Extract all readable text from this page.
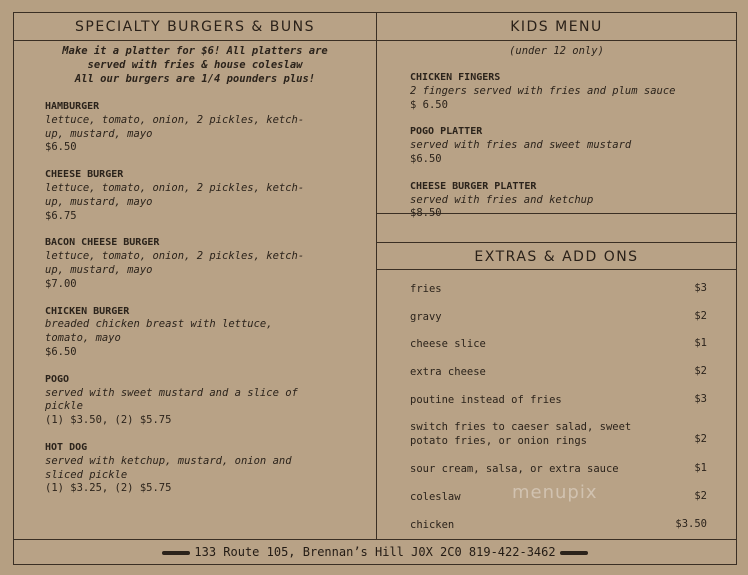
SPECIALTY BURGERS & BUNS
Make it a platter for $6! All platters are
served with fries & house coleslaw
All our burgers are 1/4 pounders plus!
HAMBURGER
lettuce, tomato, onion, 2 pickles, ketch-
up, mustard, mayo
$6.50
CHEESE BURGER
lettuce, tomato, onion, 2 pickles, ketch-
up, mustard, mayo
$6.75
BACON CHEESE BURGER
lettuce, tomato, onion, 2 pickles, ketch-
up, mustard, mayo
$7.00
CHICKEN BURGER
breaded chicken breast with lettuce,
tomato, mayo
$6.50
POGO
served with sweet mustard and a slice of
pickle
(1) $3.50, (2) $5.75
HOT DOG
served with ketchup, mustard, onion and
sliced pickle
(1) $3.25, (2) $5.75
KIDS MENU
(under 12 only)
CHICKEN FINGERS
2 fingers served with fries and plum sauce
$ 6.50
POGO PLATTER
served with fries and sweet mustard
$6.50
CHEESE BURGER PLATTER
served with fries and ketchup
$8.50
EXTRAS & ADD ONS
fries	$3
gravy	$2
cheese slice	$1
extra cheese	$2
poutine instead of fries	$3
switch fries to caeser salad, sweet
potato fries, or onion rings	$2
sour cream, salsa, or extra sauce	$1
coleslaw	$2
chicken	$3.50
133 Route 105, Brennan’s Hill J0X 2C0 819-422-3462
menupix
